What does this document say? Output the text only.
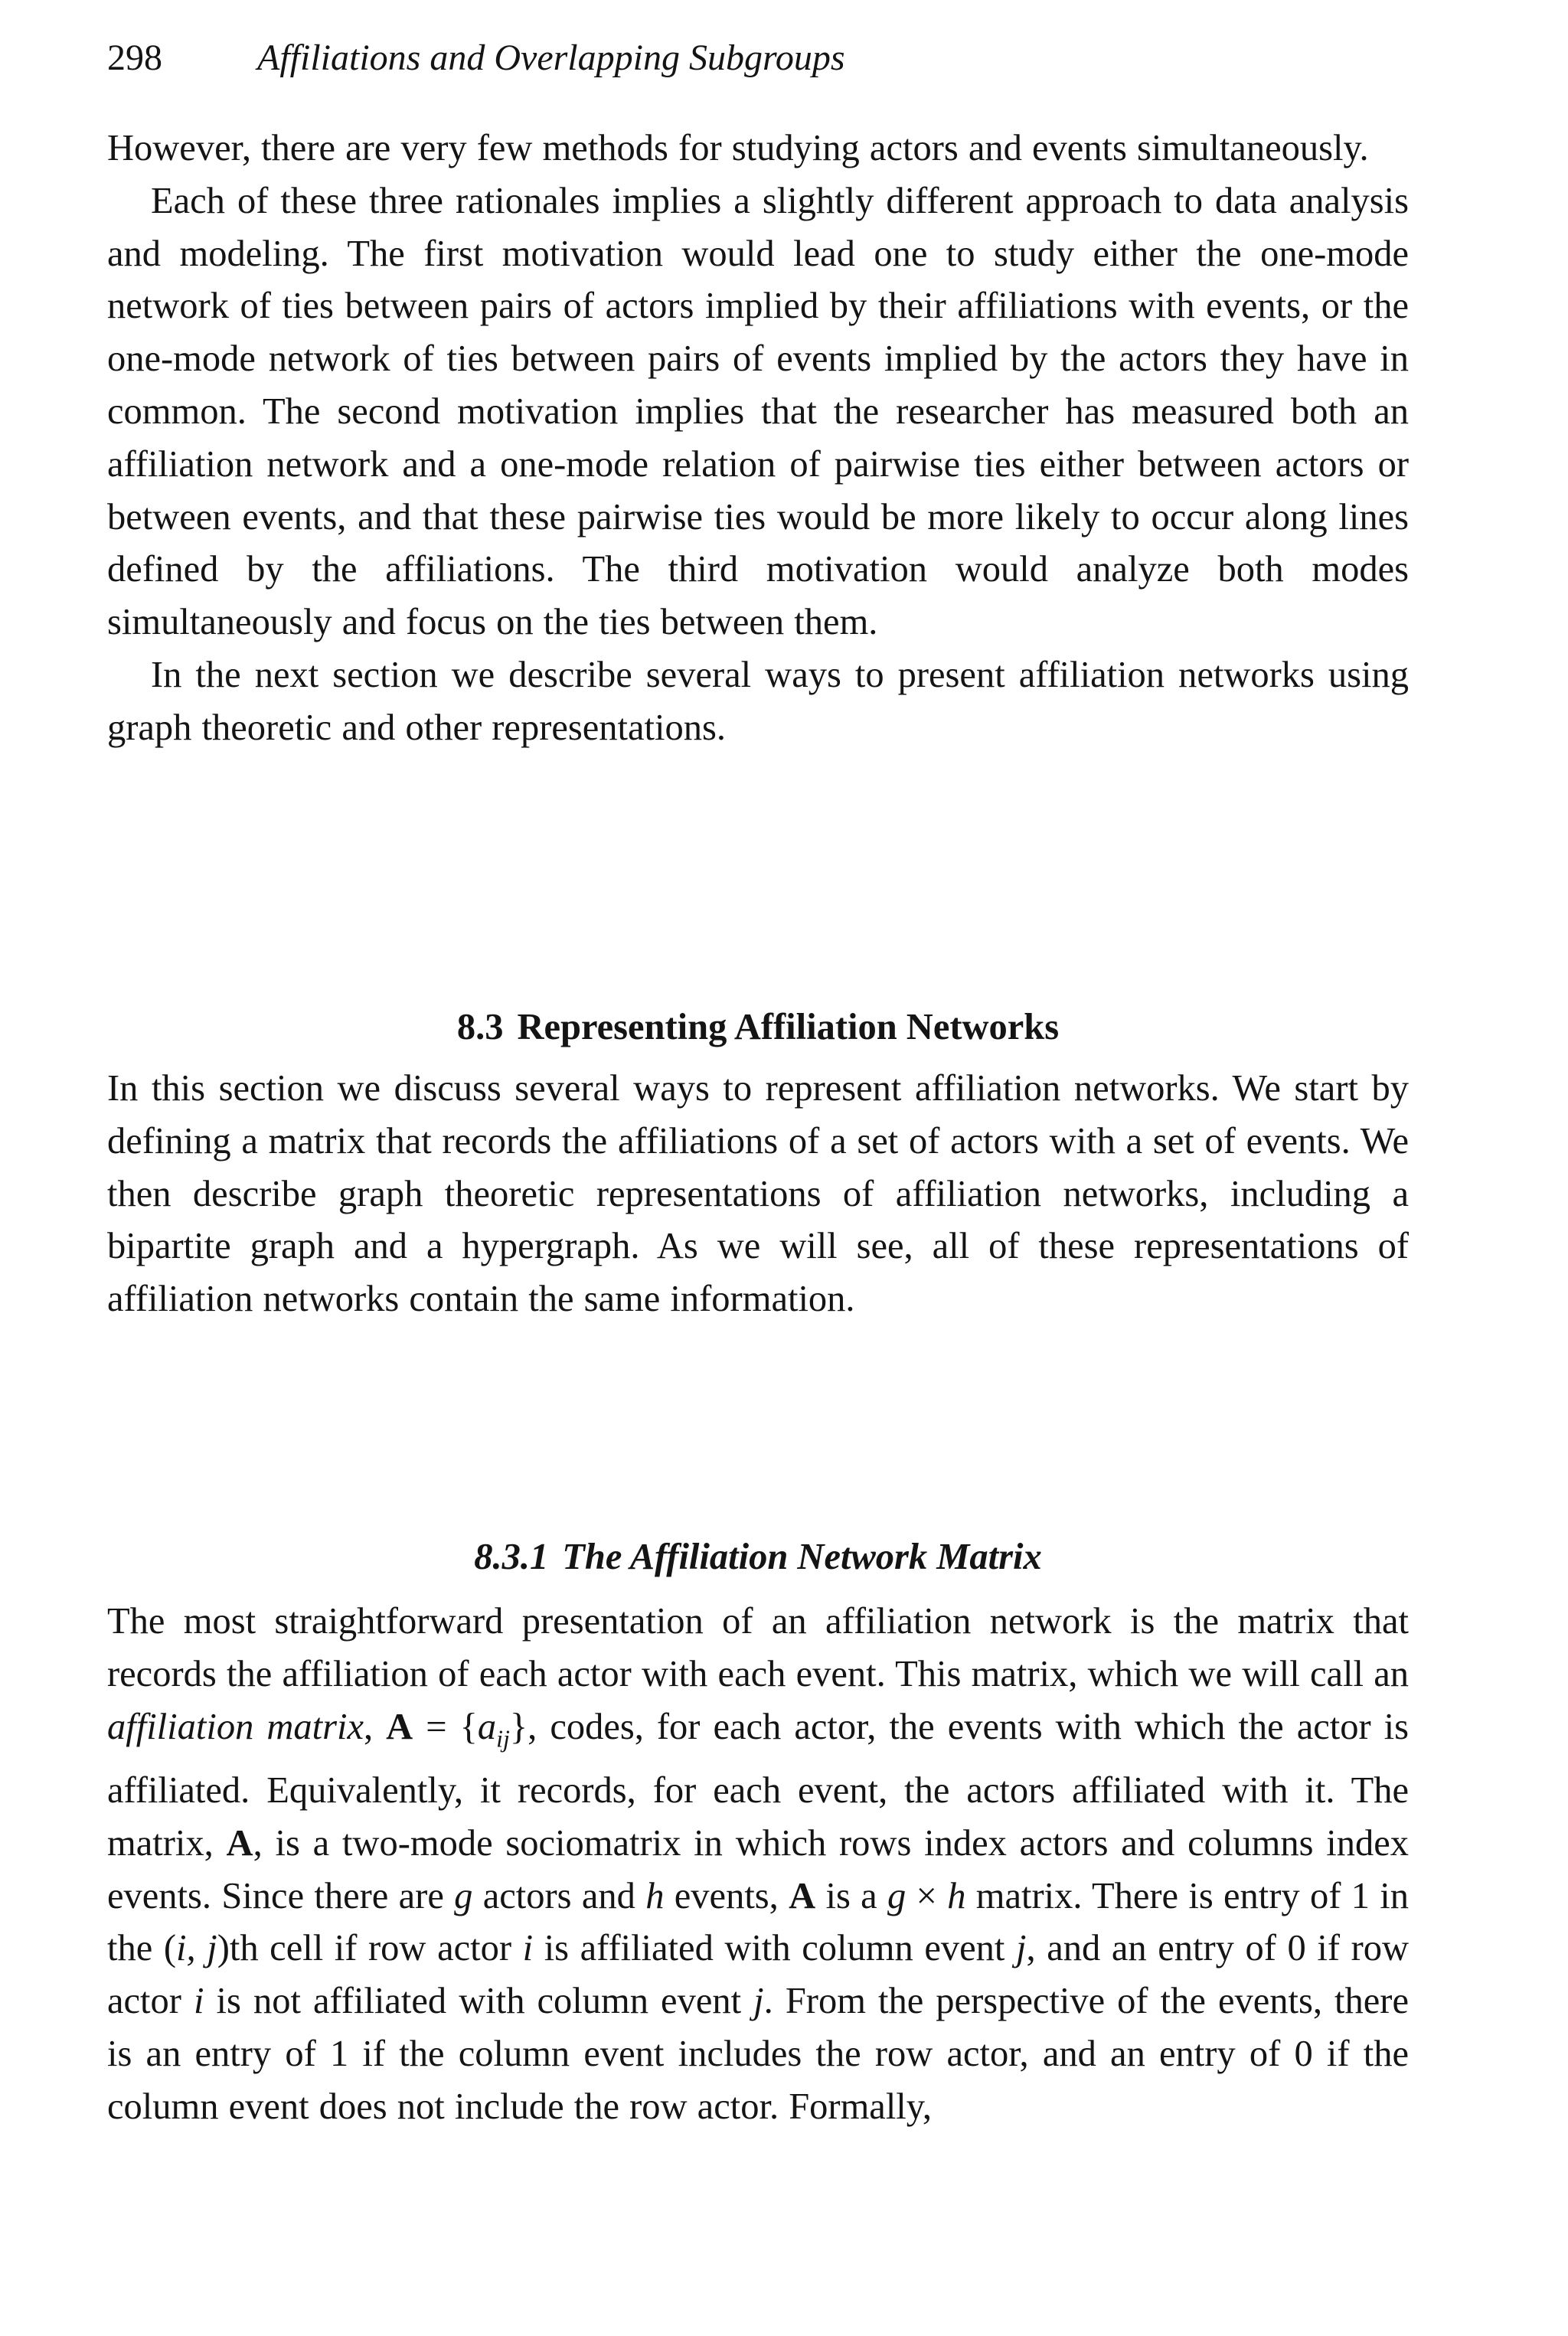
298	Affiliations and Overlapping Subgroups

However, there are very few methods for studying actors and events simultaneously.

Each of these three rationales implies a slightly different approach to data analysis and modeling. The first motivation would lead one to study either the one-mode network of ties between pairs of actors implied by their affiliations with events, or the one-mode network of ties between pairs of events implied by the actors they have in common. The second motivation implies that the researcher has measured both an affiliation network and a one-mode relation of pairwise ties either between actors or between events, and that these pairwise ties would be more likely to occur along lines defined by the affiliations. The third motivation would analyze both modes simultaneously and focus on the ties between them.

In the next section we describe several ways to present affiliation networks using graph theoretic and other representations.

8.3 Representing Affiliation Networks

In this section we discuss several ways to represent affiliation networks. We start by defining a matrix that records the affiliations of a set of actors with a set of events. We then describe graph theoretic representations of affiliation networks, including a bipartite graph and a hypergraph. As we will see, all of these representations of affiliation networks contain the same information.

8.3.1 The Affiliation Network Matrix

The most straightforward presentation of an affiliation network is the matrix that records the affiliation of each actor with each event. This matrix, which we will call an affiliation matrix, $A = \{a_{ij}\}$, codes, for each actor, the events with which the actor is affiliated. Equivalently, it records, for each event, the actors affiliated with it. The matrix, A, is a two-mode sociomatrix in which rows index actors and columns index events. Since there are g actors and h events, A is a g × h matrix. There is entry of 1 in the (i, j)th cell if row actor i is affiliated with column event j, and an entry of 0 if row actor i is not affiliated with column event j. From the perspective of the events, there is an entry of 1 if the column event includes the row actor, and an entry of 0 if the column event does not include the row actor. Formally,
